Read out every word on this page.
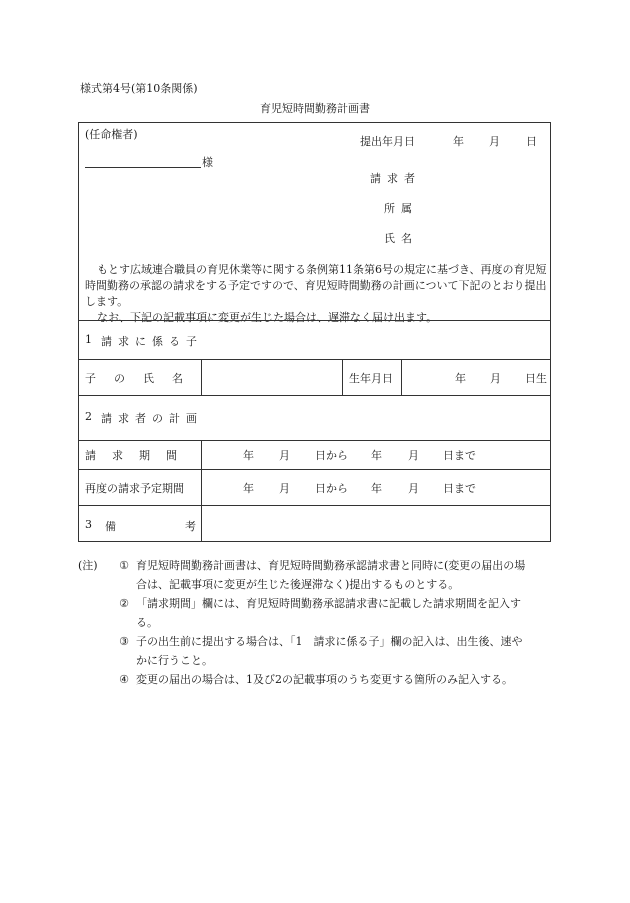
様式第4号(第10条関係)
育児短時間勤務計画書
(任命権者)
提出年月日	年 月 日
様
請求者
所属
氏名
もとす広域連合職員の育児休業等に関する条例第11条第6号の規定に基づき、再度の育児短時間勤務の承認の請求をする予定ですので、育児短時間勤務の計画について下記のとおり提出します。
なお、下記の記載事項に変更が生じた場合は、遅滞なく届け出ます。
1 請求に係る子
子の氏名	生年月日	年 月 日生
2 請求者の計画
請求期間	年 月 日から 年 月 日まで
再度の請求予定期間	年 月 日から 年 月 日まで
3 備	考
(注)	① 育児短時間勤務計画書は、育児短時間勤務承認請求書と同時に(変更の届出の場
合は、記載事項に変更が生じた後遅滞なく)提出するものとする。
② 「請求期間」欄には、育児短時間勤務承認請求書に記載した請求期間を記入す
る。
③ 子の出生前に提出する場合は、「1　請求に係る子」欄の記入は、出生後、速や
かに行うこと。
④ 変更の届出の場合は、1及び2の記載事項のうち変更する箇所のみ記入する。
